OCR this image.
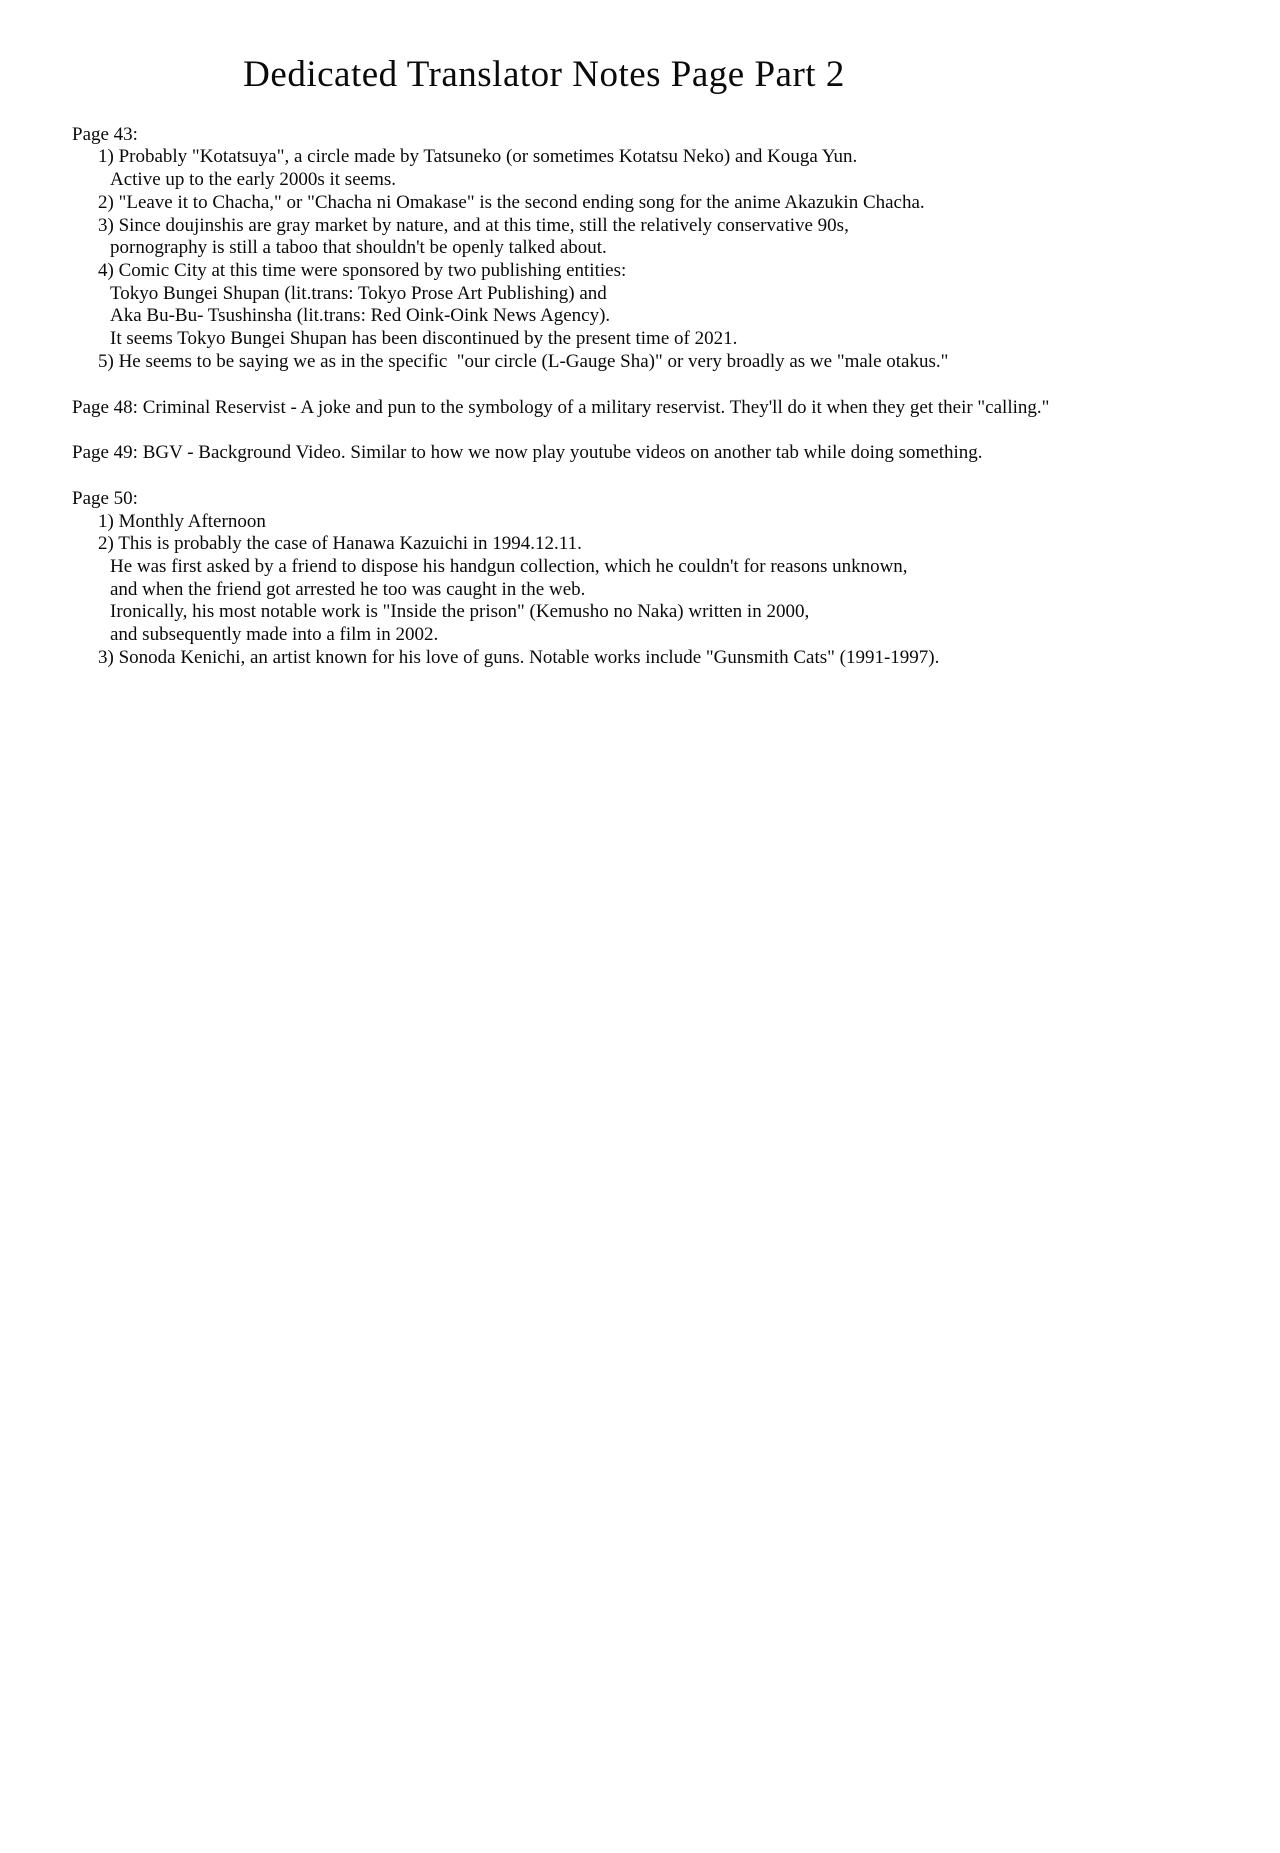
Dedicated Translator Notes Page Part 2
Page 43:
1) Probably "Kotatsuya", a circle made by Tatsuneko (or sometimes Kotatsu Neko) and Kouga Yun.
Active up to the early 2000s it seems.
2) "Leave it to Chacha," or "Chacha ni Omakase" is the second ending song for the anime Akazukin Chacha.
3) Since doujinshis are gray market by nature, and at this time, still the relatively conservative 90s,
pornography is still a taboo that shouldn't be openly talked about.
4) Comic City at this time were sponsored by two publishing entities:
Tokyo Bungei Shupan (lit.trans: Tokyo Prose Art Publishing) and
Aka Bu-Bu- Tsushinsha (lit.trans: Red Oink-Oink News Agency).
It seems Tokyo Bungei Shupan has been discontinued by the present time of 2021.
5) He seems to be saying we as in the specific  "our circle (L-Gauge Sha)" or very broadly as we "male otakus."
Page 48: Criminal Reservist - A joke and pun to the symbology of a military reservist. They'll do it when they get their "calling."
Page 49: BGV - Background Video. Similar to how we now play youtube videos on another tab while doing something.
Page 50:
1) Monthly Afternoon
2) This is probably the case of Hanawa Kazuichi in 1994.12.11.
He was first asked by a friend to dispose his handgun collection, which he couldn't for reasons unknown,
and when the friend got arrested he too was caught in the web.
Ironically, his most notable work is "Inside the prison" (Kemusho no Naka) written in 2000,
and subsequently made into a film in 2002.
3) Sonoda Kenichi, an artist known for his love of guns. Notable works include "Gunsmith Cats" (1991-1997).
